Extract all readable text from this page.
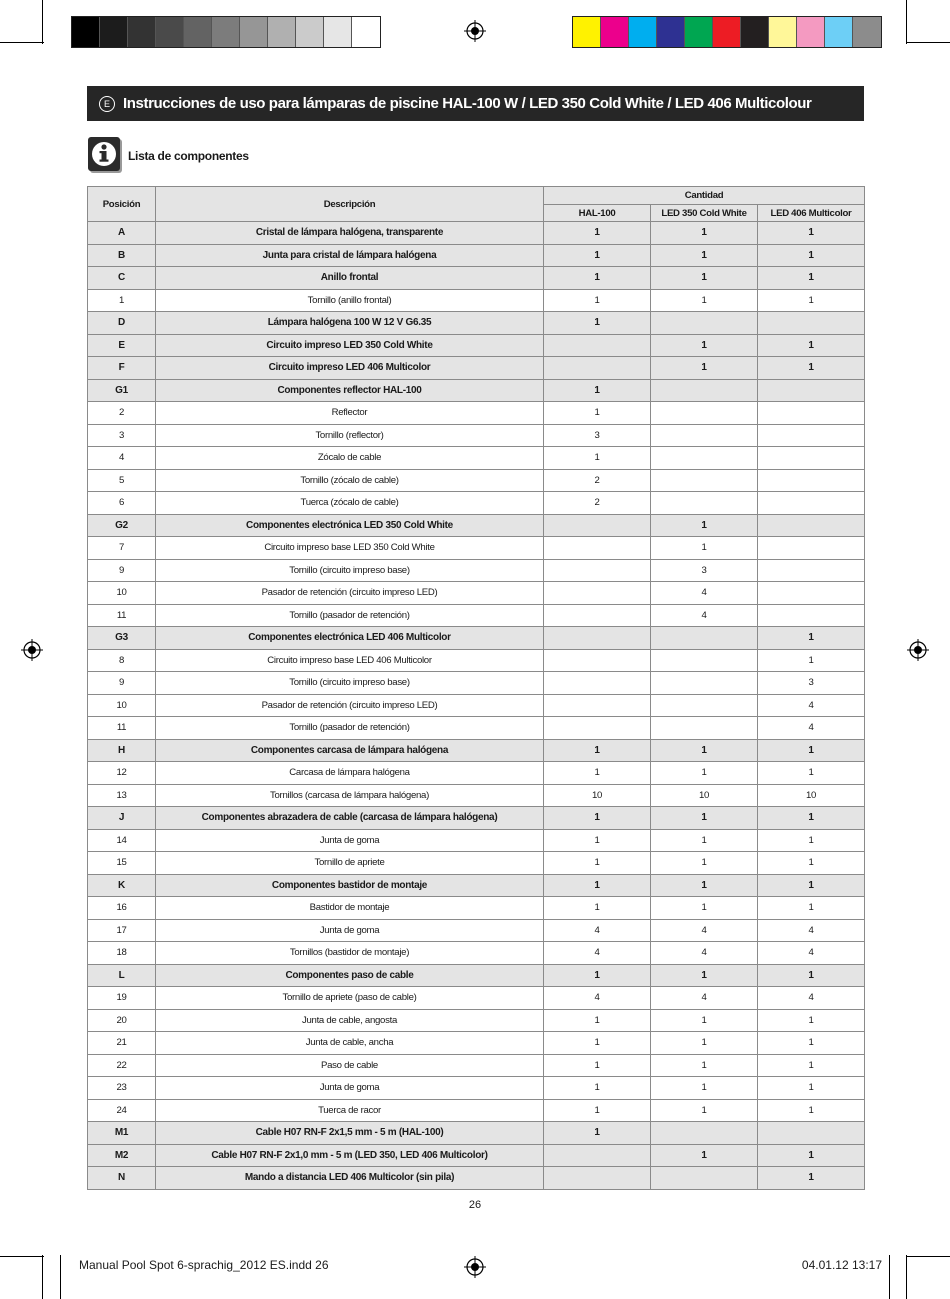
E Instrucciones de uso para lámparas de piscine HAL-100 W / LED 350 Cold White / LED 406 Multicolour
Lista de componentes
Posición	Descripción	Cantidad		
		HAL-100	LED 350 Cold White	LED 406 Multicolor
A	Cristal de lámpara halógena, transparente	1	1	1
B	Junta para cristal de lámpara halógena	1	1	1
C	Anillo frontal	1	1	1
1	Tornillo (anillo frontal)	1	1	1
D	Lámpara halógena 100 W 12 V G6.35	1		
E	Circuito impreso LED 350 Cold White		1	1
F	Circuito impreso LED 406 Multicolor		1	1
G1	Componentes reflector HAL-100	1		
2	Reflector	1		
3	Tornillo (reflector)	3		
4	Zócalo de cable	1		
5	Tornillo (zócalo de cable)	2		
6	Tuerca (zócalo de cable)	2		
G2	Componentes electrónica LED 350 Cold White		1	
7	Circuito impreso base LED 350 Cold White		1	
9	Tornillo (circuito impreso base)		3	
10	Pasador de retención (circuito impreso LED)		4	
11	Tornillo (pasador de retención)		4	
G3	Componentes electrónica LED 406 Multicolor			1
8	Circuito impreso base LED 406 Multicolor			1
9	Tornillo (circuito impreso base)			3
10	Pasador de retención (circuito impreso LED)			4
11	Tornillo (pasador de retención)			4
H	Componentes carcasa de lámpara halógena	1	1	1
12	Carcasa de lámpara halógena	1	1	1
13	Tornillos (carcasa de lámpara halógena)	10	10	10
J	Componentes abrazadera de cable (carcasa de lámpara halógena)	1	1	1
14	Junta de goma	1	1	1
15	Tornillo de apriete	1	1	1
K	Componentes bastidor de montaje	1	1	1
16	Bastidor de montaje	1	1	1
17	Junta de goma	4	4	4
18	Tornillos (bastidor de montaje)	4	4	4
L	Componentes paso de cable	1	1	1
19	Tornillo de apriete (paso de cable)	4	4	4
20	Junta de cable, angosta	1	1	1
21	Junta de cable, ancha	1	1	1
22	Paso de cable	1	1	1
23	Junta de goma	1	1	1
24	Tuerca de racor	1	1	1
M1	Cable H07 RN-F 2x1,5 mm - 5 m (HAL-100)	1		
M2	Cable H07 RN-F 2x1,0 mm - 5 m (LED 350, LED 406 Multicolor)		1	1
N	Mando a distancia LED 406 Multicolor (sin pila)			1
26
Manual Pool Spot 6-sprachig_2012 ES.indd 26	04.01.12 13:17
